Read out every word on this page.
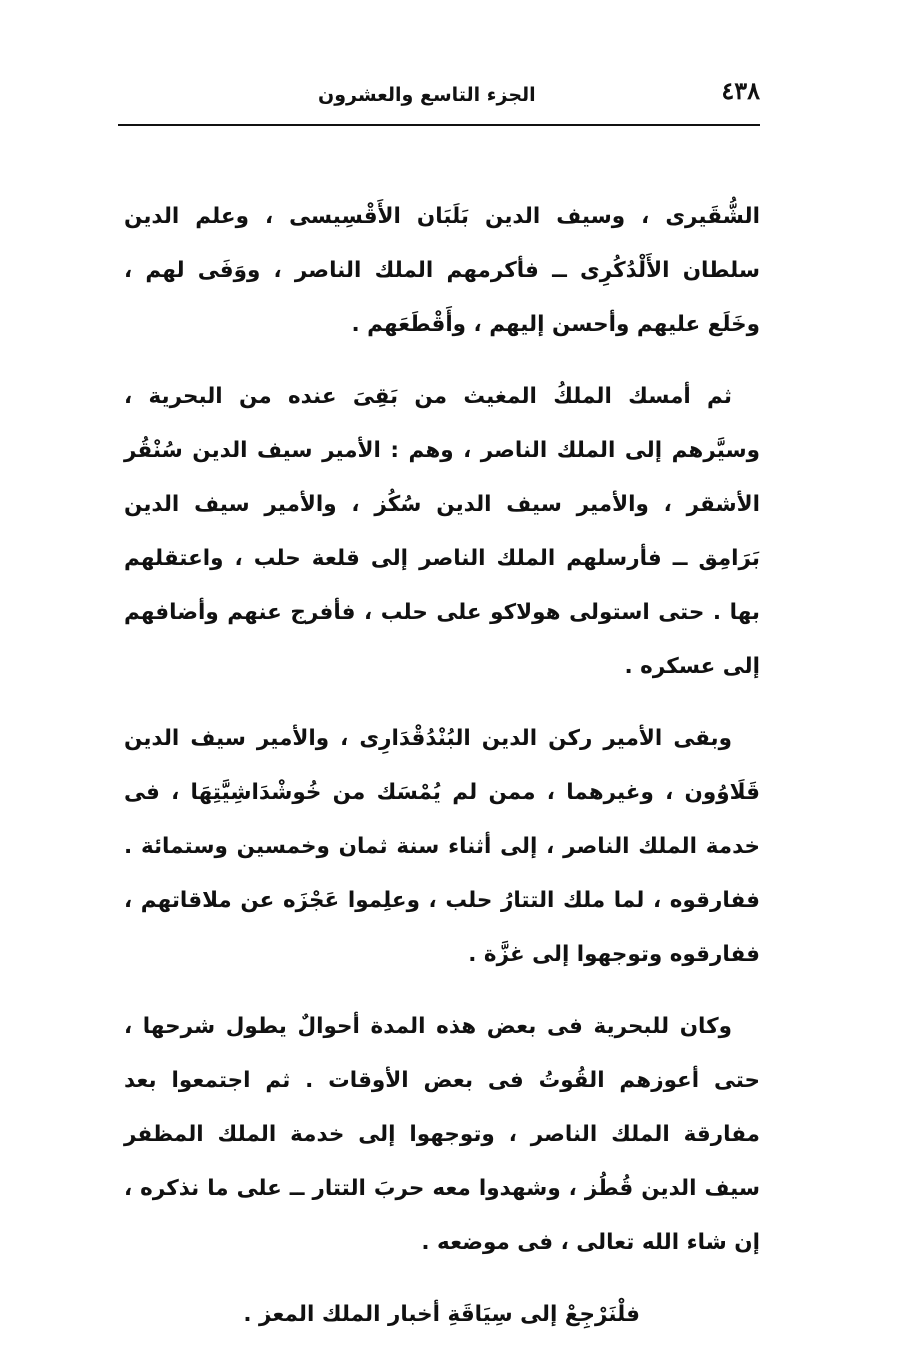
٤٣٨
الجزء التاسع والعشرون

الشُّقَيرى ، وسيف الدين بَلَبَان الأَقْسِيسى ، وعلم الدين سلطان الأَلْدُكُرِى ــ فأكرمهم الملك الناصر ، ووَفَى لهم ، وخَلَع عليهم وأحسن إليهم ، وأَقْطَعَهم .

ثم أمسك الملكُ المغيث من بَقِىَ عنده من البحرية ، وسيَّرهم إلى الملك الناصر ، وهم : الأمير سيف الدين سُنْقُر الأشقر ، والأمير سيف الدين سُكُز ، والأمير سيف الدين بَرَامِق ــ فأرسلهم الملك الناصر إلى قلعة حلب ، واعتقلهم بها . حتى استولى هولاكو على حلب ، فأفرج عنهم وأضافهم إلى عسكره .

وبقى الأمير ركن الدين البُنْدُقْدَارِى ، والأمير سيف الدين قَلَاوُون ، وغيرهما ، ممن لم يُمْسَك من خُوشْدَاشِيَّتِهَا ، فى خدمة الملك الناصر ، إلى أثناء سنة ثمان وخمسين وستمائة . ففارقوه ، لما ملك التتارُ حلب ، وعلِموا عَجْزَه عن ملاقاتهم ، ففارقوه وتوجهوا إلى غزَّة .

وكان للبحرية فى بعض هذه المدة أحوالٌ يطول شرحها ، حتى أعوزهم القُوتُ فى بعض الأوقات . ثم اجتمعوا بعد مفارقة الملك الناصر ، وتوجهوا إلى خدمة الملك المظفر سيف الدين قُطُز ، وشهدوا معه حربَ التتار ــ على ما نذكره ، إن شاء الله تعالى ، فى موضعه .

فلْنَرْجِعْ إلى سِيَاقَةِ أخبار الملك المعز .
